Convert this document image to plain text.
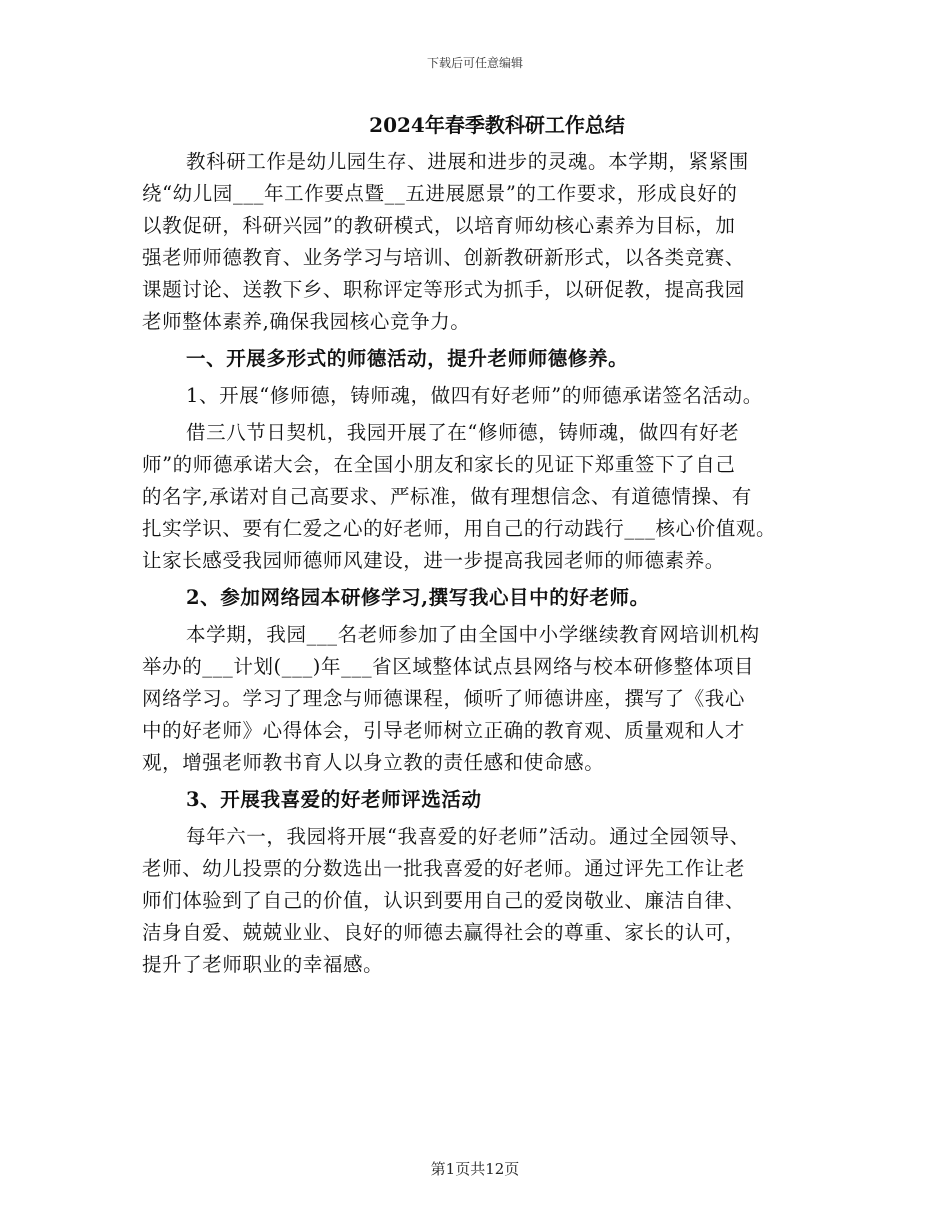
下载后可任意编辑
2024年春季教科研工作总结
教科研工作是幼儿园生存、进展和进步的灵魂。本学期，紧紧围
绕“幼儿园___年工作要点暨__五进展愿景”的工作要求，形成良好的
以教促研，科研兴园”的教研模式，以培育师幼核心素养为目标，加
强老师师德教育、业务学习与培训、创新教研新形式，以各类竞赛、
课题讨论、送教下乡、职称评定等形式为抓手，以研促教，提高我园
老师整体素养,确保我园核心竞争力。
一、开展多形式的师德活动，提升老师师德修养。
1、开展“修师德，铸师魂，做四有好老师”的师德承诺签名活动。
借三八节日契机，我园开展了在“修师德，铸师魂，做四有好老
师”的师德承诺大会，在全国小朋友和家长的见证下郑重签下了自己
的名字,承诺对自己高要求、严标准，做有理想信念、有道德情操、有
扎实学识、要有仁爱之心的好老师，用自己的行动践行___核心价值观。
让家长感受我园师德师风建设，进一步提高我园老师的师德素养。
2、参加网络园本研修学习,撰写我心目中的好老师。
本学期，我园___名老师参加了由全国中小学继续教育网培训机构
举办的___计划(___)年___省区域整体试点县网络与校本研修整体项目
网络学习。学习了理念与师德课程，倾听了师德讲座，撰写了《我心
中的好老师》心得体会，引导老师树立正确的教育观、质量观和人才
观，增强老师教书育人以身立教的责任感和使命感。
3、开展我喜爱的好老师评选活动
每年六一，我园将开展“我喜爱的好老师”活动。通过全园领导、
老师、幼儿投票的分数选出一批我喜爱的好老师。通过评先工作让老
师们体验到了自己的价值，认识到要用自己的爱岗敬业、廉洁自律、
洁身自爱、兢兢业业、良好的师德去赢得社会的尊重、家长的认可，
提升了老师职业的幸福感。
第1页共12页
